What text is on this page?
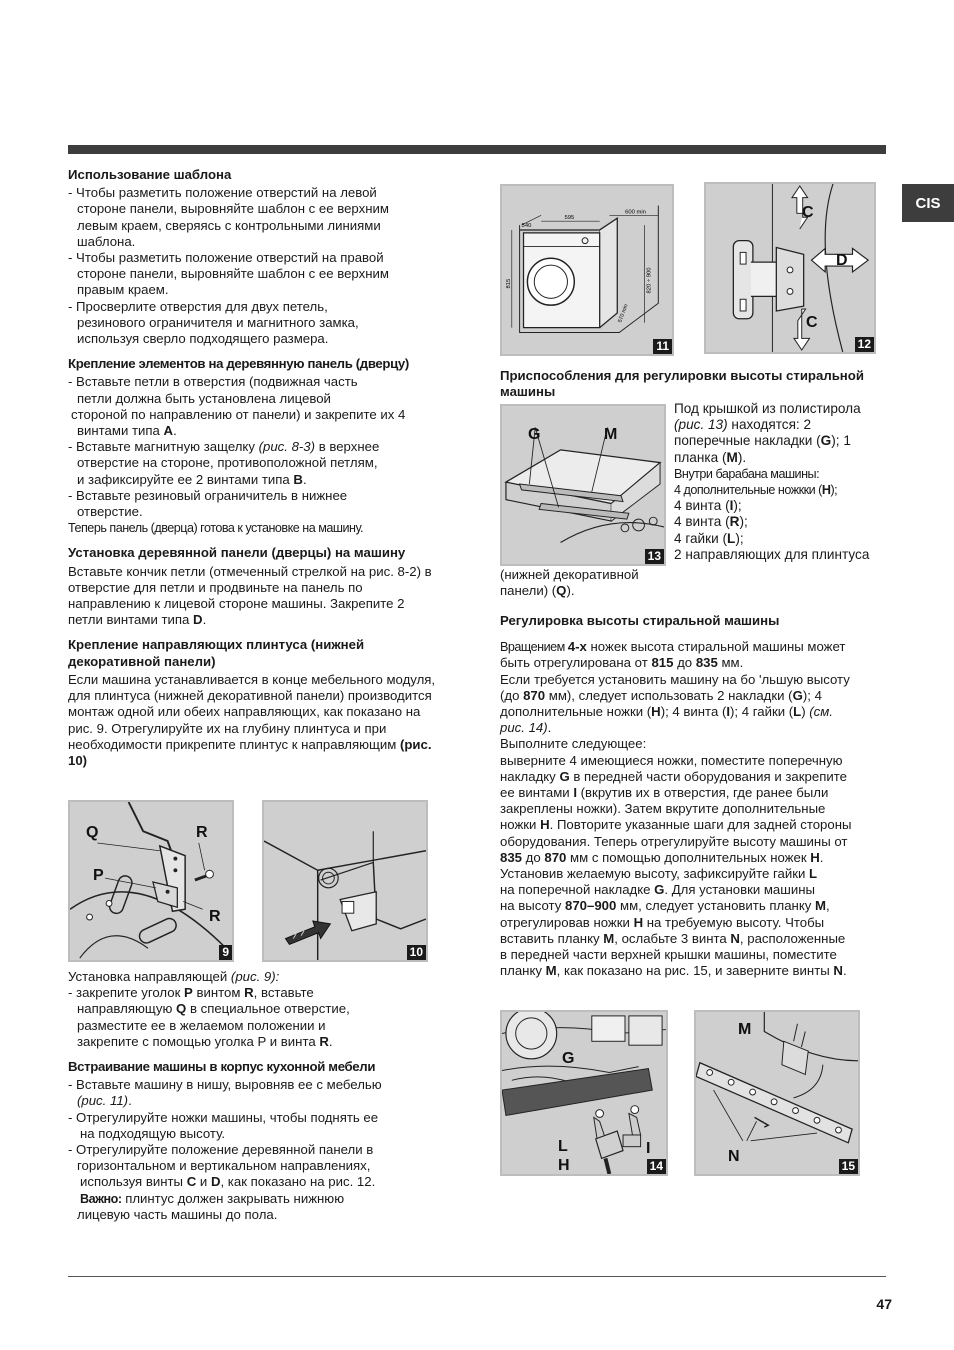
CIS
Использование шаблона
- Чтобы разметить положение отверстий на левой
стороне панели, выровняйте шаблон с ее верхним
левым краем, сверяясь с контрольными линиями
шаблона.
- Чтобы разметить положение отверстий на правой
стороне панели, выровняйте шаблон с ее верхним
правым краем.
- Просверлите отверстия для двух петель,
резинового ограничителя и магнитного замка,
используя сверло подходящего размера.
Крепление элементов на деревянную панель (дверцу)
- Вставьте петли в отверстия (подвижная часть
петли должна быть установлена лицевой
стороной по направлению от панели) и закрепите их 4
винтами типа A.
- Вставьте магнитную защелку (рис. 8-3) в верхнее
отверстие на стороне, противоположной петлям,
и зафиксируйте ее 2 винтами типа B.
- Вставьте резиновый ограничитель в нижнее
отверстие.
Теперь панель (дверца) готова к установке на машину.
Установка деревянной панели (дверцы) на машину

Вставьте кончик петли (отмеченный стрелкой на рис. 8-2) в отверстие для петли и продвиньте на панель по направлению к лицевой стороне машины. Закрепите 2 петли винтами типа D.

Крепление направляющих плинтуса (нижней декоративной панели)

Если машина устанавливается в конце мебельного модуля, для плинтуса (нижней декоративной панели) производится монтаж одной или обеих направляющих, как показано на рис. 9. Отрегулируйте их на глубину плинтуса и при необходимости прикрепите плинтус к направляющим (рис. 10)

Q	R
P
R
9	10
Установка направляющей (рис. 9):
- закрепите уголок P винтом R, вставьте
направляющую Q в специальное отверстие,
разместите ее в желаемом положении и
закрепите с помощью уголка P и винта R.
Встраивание машины в корпус кухонной мебели
- Вставьте машину в нишу, выровняв ее с мебелью
(рис. 11).
- Отрегулируйте ножки машины, чтобы поднять ее
на подходящую высоту.
- Отрегулируйте положение деревянной панели в
горизонтальном и вертикальном направлениях,
используя винты C и D, как показано на рис. 12.
Важно: плинтус должен закрывать нижнюю
лицевую часть машины до пола.
540
595
600 min
815	820 ÷ 900
570 min
11
C
D
C
12
Приспособления для регулировки высоты стиральной машины
G	M
13
Под крышкой из полистирола
(рис. 13) находятся: 2
поперечные накладки (G); 1
планка (M).
Внутри барабана машины:
4 дополнительные ножкки (H);
4 винта (I);
4 винта (R);
4 гайки (L);
2 направляющих для плинтуса
(нижней декоративной
панели) (Q).
Регулировка высоты стиральной машины
Вращением 4-х ножек высота стиральной машины может
быть отрегулирована от 815 до 835 мм.
Если требуется установить машину на бо 'льшую высоту
(до 870 мм), следует использовать 2 накладки (G); 4
дополнительные ножки (H); 4 винта (I); 4 гайки (L) (см.
рис. 14).
Выполните следующее:
выверните 4 имеющиеся ножки, поместите поперечную
накладку G в передней части оборудования и закрепите
ее винтами I (вкрутив их в отверстия, где ранее были
закреплены ножки). Затем вкрутите дополнительные
ножки H. Повторите указанные шаги для задней стороны
оборудования. Теперь отрегулируйте высоту машины от
835 до 870 мм с помощью дополнительных ножек H.
Установив желаемую высоту, зафиксируйте гайки L
на поперечной накладке G. Для установки машины
на высоту 870–900 мм, следует установить планку M,
отрегулировав ножки H на требуемую высоту. Чтобы
вставить планку M, ослабьте 3 винта N, расположенные
в передней части верхней крышки машины, поместите
планку M, как показано на рис. 15, и заверните винты N.
G
L
H
I
14
M
N
15
47
